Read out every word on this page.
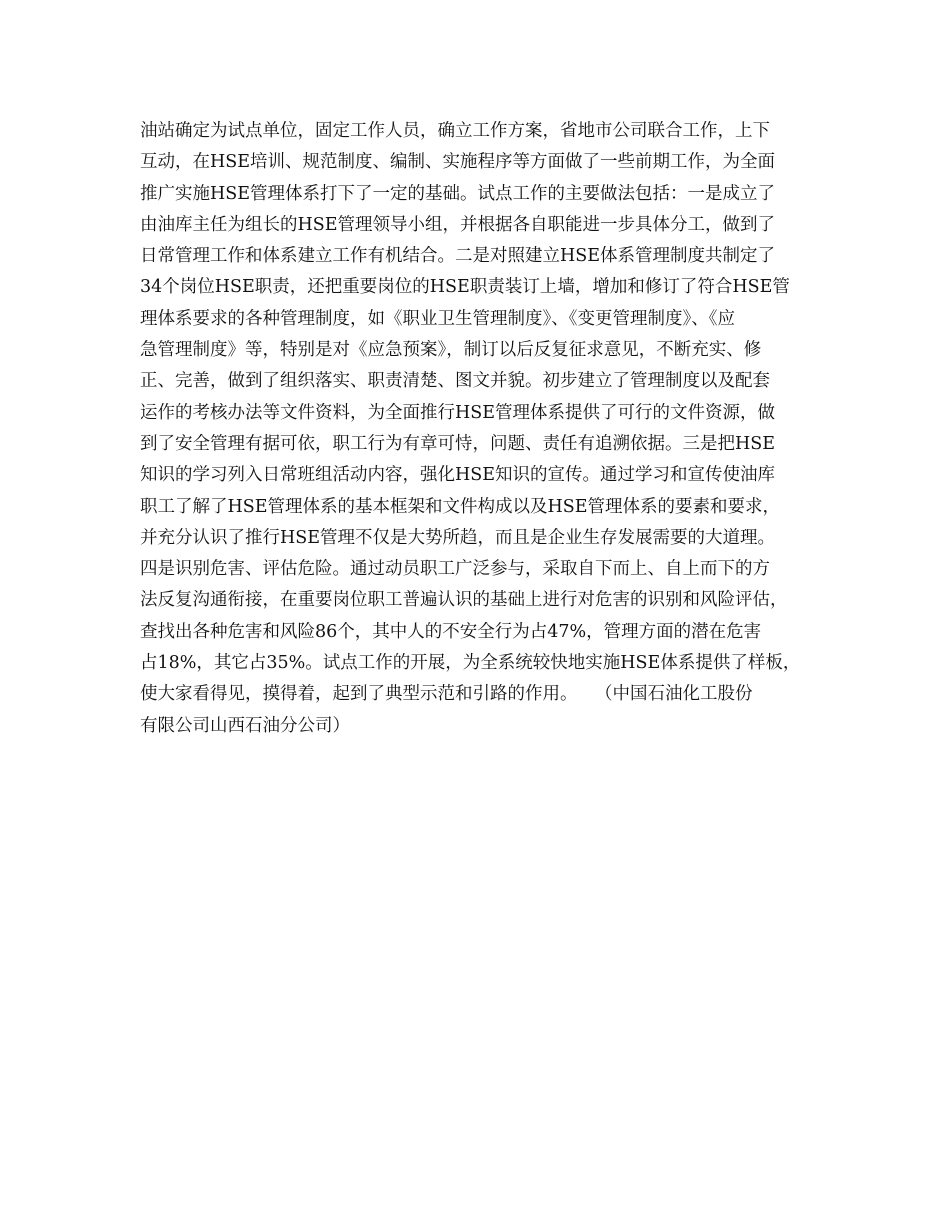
油站确定为试点单位，固定工作人员，确立工作方案，省地市公司联合工作，上下
互动，在HSE培训、规范制度、编制、实施程序等方面做了一些前期工作，为全面
推广实施HSE管理体系打下了一定的基础。试点工作的主要做法包括：一是成立了
由油库主任为组长的HSE管理领导小组，并根据各自职能进一步具体分工，做到了
日常管理工作和体系建立工作有机结合。二是对照建立HSE体系管理制度共制定了
34个岗位HSE职责，还把重要岗位的HSE职责装订上墙，增加和修订了符合HSE管
理体系要求的各种管理制度，如《职业卫生管理制度》、《变更管理制度》、《应
急管理制度》等，特别是对《应急预案》，制订以后反复征求意见，不断充实、修
正、完善，做到了组织落实、职责清楚、图文并貌。初步建立了管理制度以及配套
运作的考核办法等文件资料，为全面推行HSE管理体系提供了可行的文件资源，做
到了安全管理有据可依，职工行为有章可恃，问题、责任有追溯依据。三是把HSE
知识的学习列入日常班组活动内容，强化HSE知识的宣传。通过学习和宣传使油库
职工了解了HSE管理体系的基本框架和文件构成以及HSE管理体系的要素和要求，
并充分认识了推行HSE管理不仅是大势所趋，而且是企业生存发展需要的大道理。
四是识别危害、评估危险。通过动员职工广泛参与，采取自下而上、自上而下的方
法反复沟通衔接，在重要岗位职工普遍认识的基础上进行对危害的识别和风险评估，
查找出各种危害和风险86个，其中人的不安全行为占47%，管理方面的潜在危害
占18%，其它占35%。试点工作的开展，为全系统较快地实施HSE体系提供了样板，
使大家看得见，摸得着，起到了典型示范和引路的作用。　　（中国石油化工股份
有限公司山西石油分公司）
